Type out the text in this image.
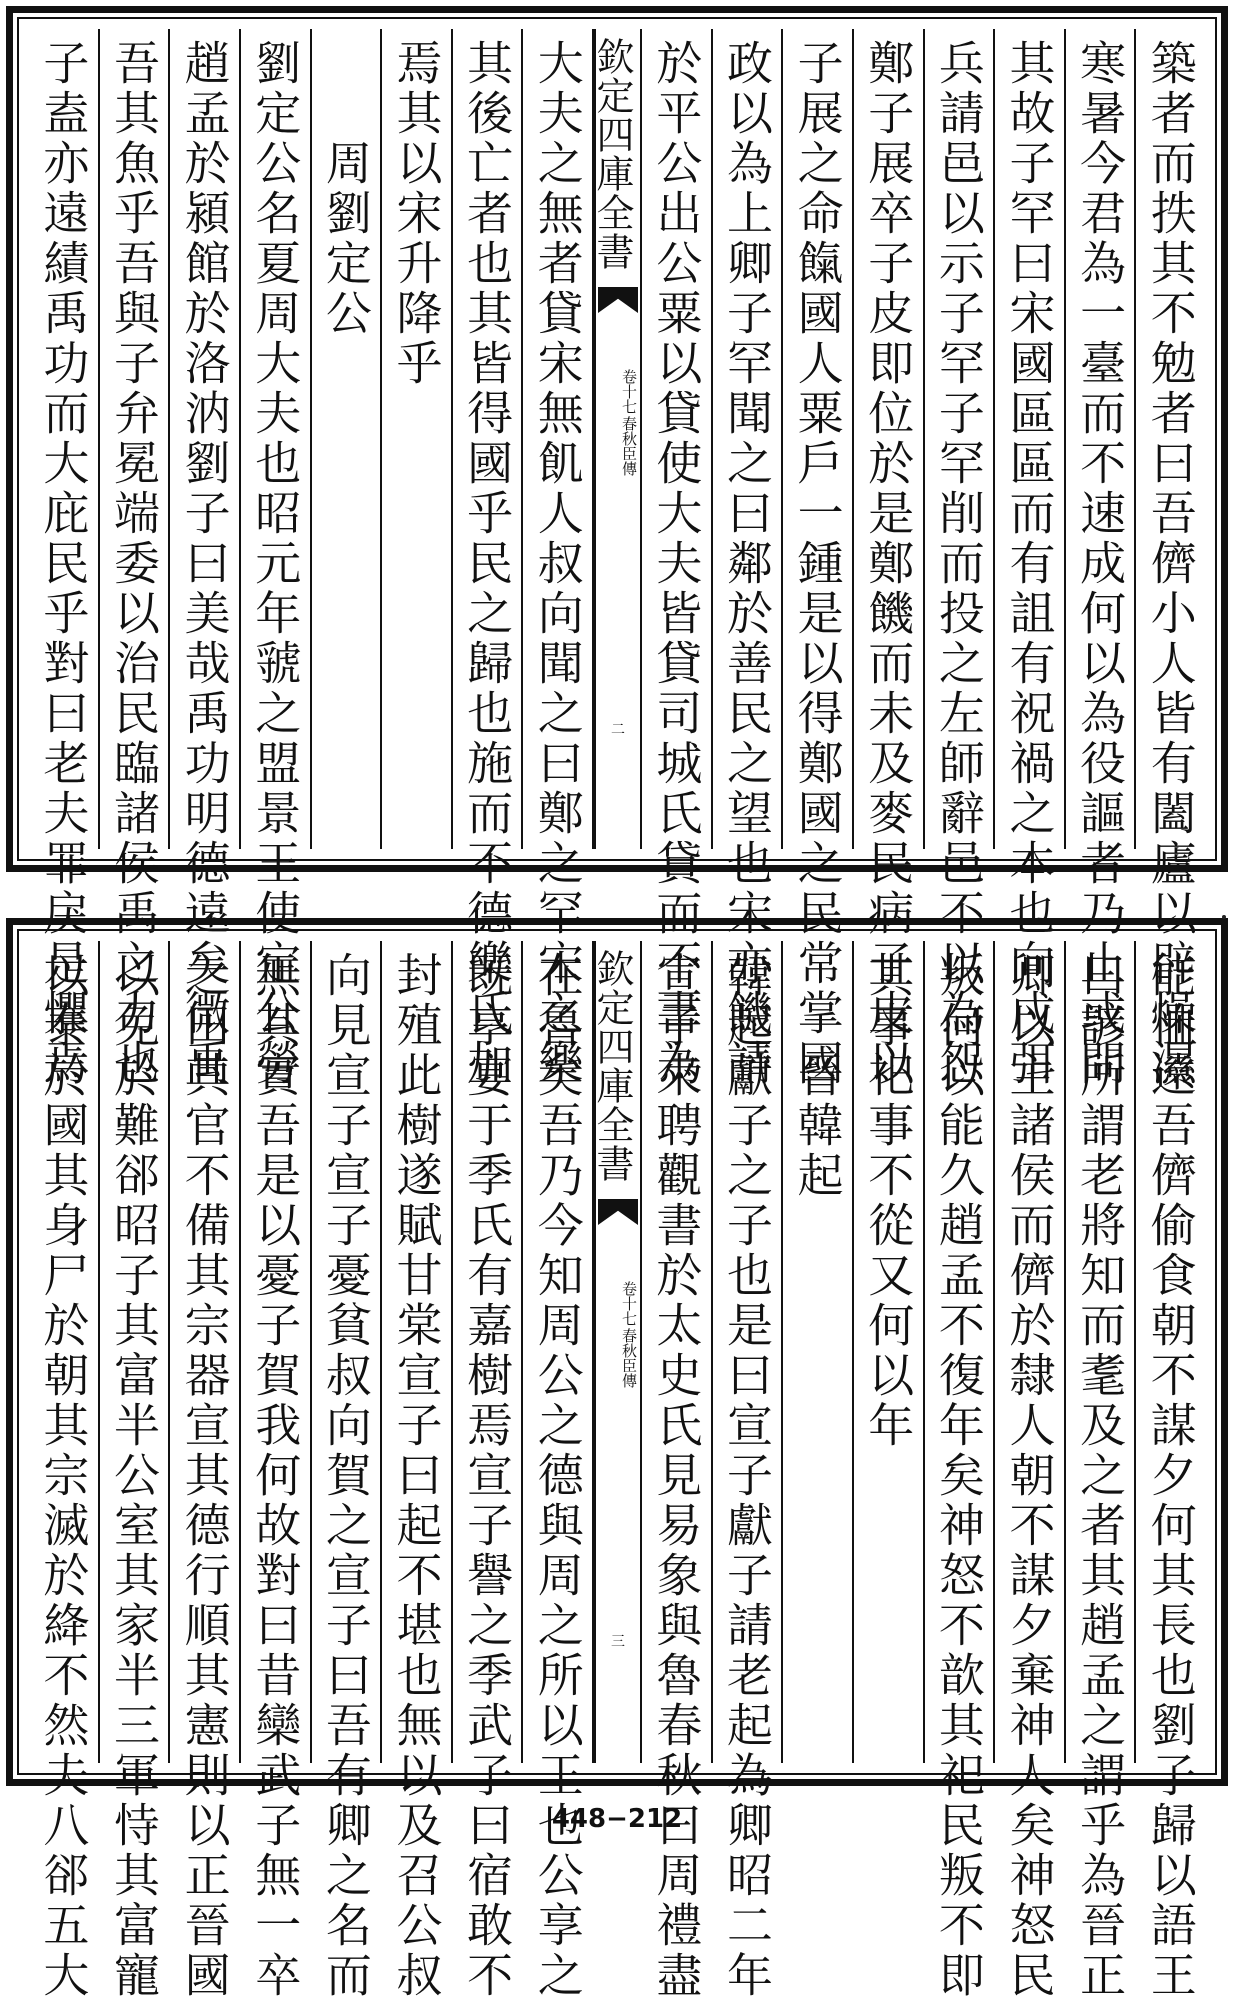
築者而抶其不勉者曰吾儕小人皆有闔廬以辟燥濕
寒暑今君為一臺而不速成何以為役謳者乃止或問
其故子罕曰宋國區區而有詛有祝禍之本也向戌弭
兵請邑以示子罕子罕削而投之左師辭邑不以為怨
鄭子展卒子皮即位於是鄭饑而未及麥民病子皮以
子展之命餼國人粟戶一鍾是以得鄭國之民常掌國
政以為上卿子罕聞之曰鄰於善民之望也宋亦饑請
於平公出公粟以貸使大夫皆貸司城氏貸而不書為
欽定四庫全書
卷十七
春秋臣傳
二
大夫之無者貸宋無飢人叔向聞之曰鄭之罕宋之樂
其後亡者也其皆得國乎民之歸也施而不德樂氏加
焉其以宋升降乎
周劉定公
劉定公名夏周大夫也昭元年虢之盟景王使定公勞
趙孟於潁館於洛汭劉子曰美哉禹功明德遠矣微禹
吾其魚乎吾與子弁冕端委以治民臨諸侯禹之力也
子盍亦遠績禹功而大庇民乎對曰老夫罪戾是懼焉
能恤遠吾儕偷食朝不謀夕何其長也劉子歸以語王
曰諺所謂老將知而耄及之者其趙孟之謂乎為晉正
卿以主諸侯而儕於隸人朝不謀夕棄神人矣神怒民
叛何以能久趙孟不復年矣神怒不歆其祀民叛不即
其事祀事不從又何以年
晉韓起
韓起獻子之子也是曰宣子獻子請老起為卿昭二年
宣子來聘觀書於太史氏見易象與魯春秋曰周禮盡
欽定四庫全書
卷十七
春秋臣傳
三
在魯矣吾乃今知周公之德與周之所以王也公享之
既享宴于季氏有嘉樹焉宣子譽之季武子曰宿敢不
封殖此樹遂賦甘棠宣子曰起不堪也無以及召公叔
向見宣子宣子憂貧叔向賀之宣子曰吾有卿之名而
無其實吾是以憂子賀我何故對曰昔欒武子無一卒
之田其官不備其宗器宣其德行順其憲則以正晉國
以免於難郤昭子其富半公室其家半三軍恃其富寵
以泰於國其身尸於朝其宗滅於絳不然夫八郤五大	448−212
